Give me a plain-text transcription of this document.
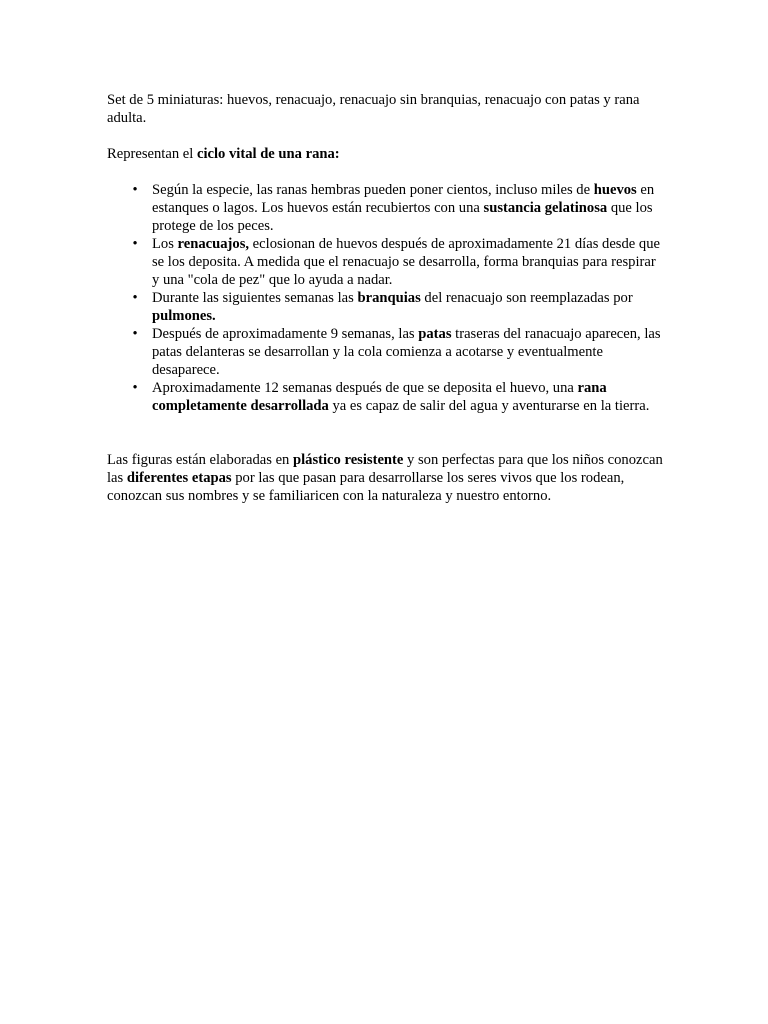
Set de 5 miniaturas: huevos, renacuajo, renacuajo sin branquias, renacuajo con patas y rana adulta.

Representan el ciclo vital de una rana:

• Según la especie, las ranas hembras pueden poner cientos, incluso miles de huevos en estanques o lagos. Los huevos están recubiertos con una sustancia gelatinosa que los protege de los peces.
• Los renacuajos, eclosionan de huevos después de aproximadamente 21 días desde que se los deposita. A medida que el renacuajo se desarrolla, forma branquias para respirar y una "cola de pez" que lo ayuda a nadar.
• Durante las siguientes semanas las branquias del renacuajo son reemplazadas por pulmones.
• Después de aproximadamente 9 semanas, las patas traseras del ranacuajo aparecen, las patas delanteras se desarrollan y la cola comienza a acotarse y eventualmente desaparece.
• Aproximadamente 12 semanas después de que se deposita el huevo, una rana completamente desarrollada ya es capaz de salir del agua y aventurarse en la tierra.

Las figuras están elaboradas en plástico resistente y son perfectas para que los niños conozcan las diferentes etapas por las que pasan para desarrollarse los seres vivos que los rodean, conozcan sus nombres y se familiaricen con la naturaleza y nuestro entorno.
